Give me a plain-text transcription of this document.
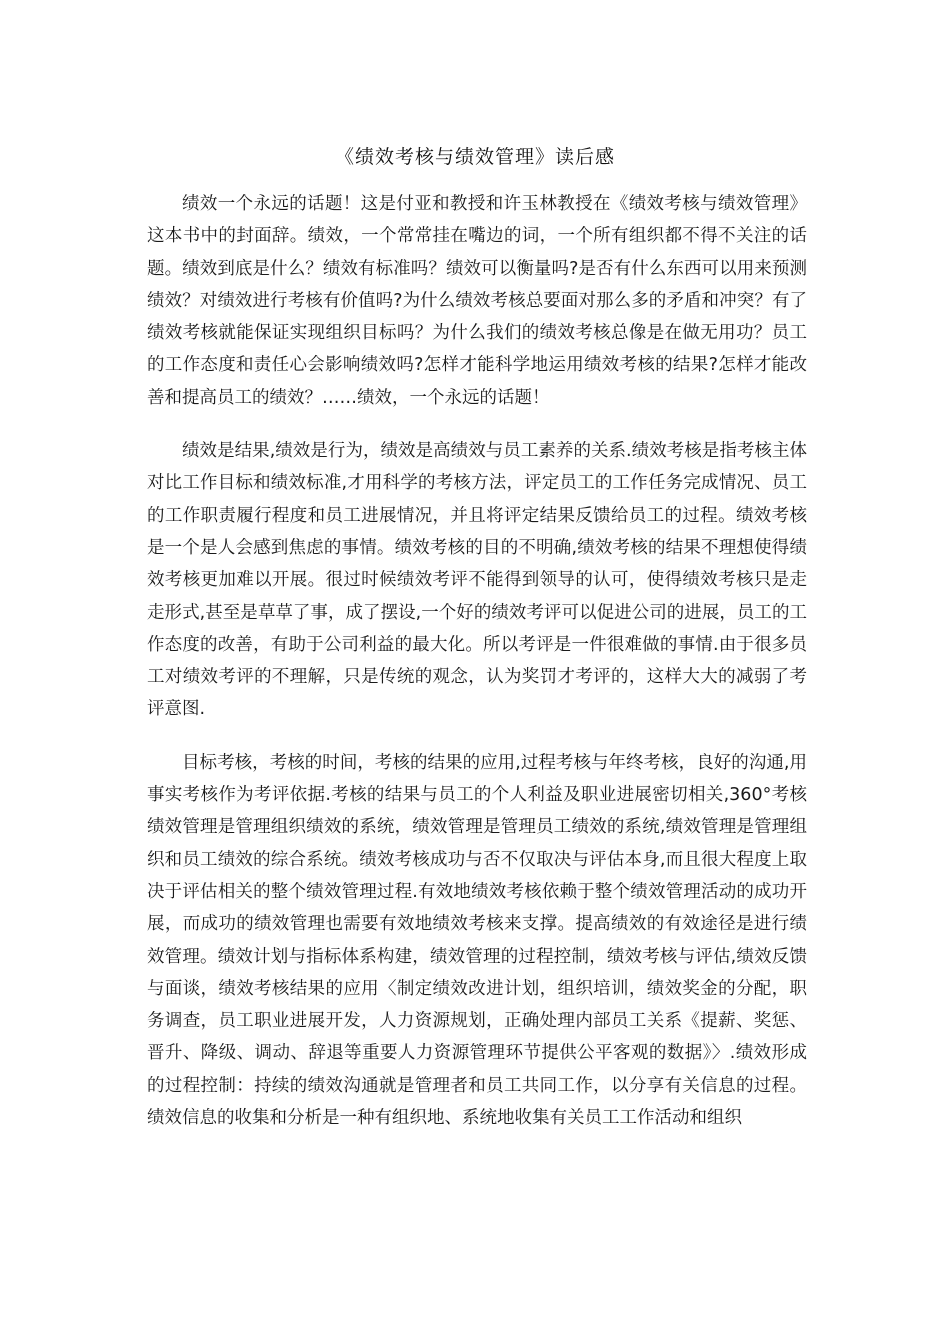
《绩效考核与绩效管理》读后感

绩效一个永远的话题！这是付亚和教授和许玉林教授在《绩效考核与绩效管理》这本书中的封面辞。绩效，一个常常挂在嘴边的词，一个所有组织都不得不关注的话题。绩效到底是什么？绩效有标准吗？绩效可以衡量吗?是否有什么东西可以用来预测绩效？对绩效进行考核有价值吗?为什么绩效考核总要面对那么多的矛盾和冲突？有了绩效考核就能保证实现组织目标吗？为什么我们的绩效考核总像是在做无用功？员工的工作态度和责任心会影响绩效吗?怎样才能科学地运用绩效考核的结果?怎样才能改善和提高员工的绩效？……绩效，一个永远的话题！

绩效是结果,绩效是行为，绩效是高绩效与员工素养的关系.绩效考核是指考核主体对比工作目标和绩效标准,才用科学的考核方法，评定员工的工作任务完成情况、员工的工作职责履行程度和员工进展情况，并且将评定结果反馈给员工的过程。绩效考核是一个是人会感到焦虑的事情。绩效考核的目的不明确,绩效考核的结果不理想使得绩效考核更加难以开展。很过时候绩效考评不能得到领导的认可，使得绩效考核只是走走形式,甚至是草草了事，成了摆设,一个好的绩效考评可以促进公司的进展，员工的工作态度的改善，有助于公司利益的最大化。所以考评是一件很难做的事情.由于很多员工对绩效考评的不理解，只是传统的观念，认为奖罚才考评的，这样大大的减弱了考评意图.

目标考核，考核的时间，考核的结果的应用,过程考核与年终考核，良好的沟通,用事实考核作为考评依据.考核的结果与员工的个人利益及职业进展密切相关,360°考核绩效管理是管理组织绩效的系统，绩效管理是管理员工绩效的系统,绩效管理是管理组织和员工绩效的综合系统。绩效考核成功与否不仅取决与评估本身,而且很大程度上取决于评估相关的整个绩效管理过程.有效地绩效考核依赖于整个绩效管理活动的成功开展，而成功的绩效管理也需要有效地绩效考核来支撑。提高绩效的有效途径是进行绩效管理。绩效计划与指标体系构建，绩效管理的过程控制，绩效考核与评估,绩效反馈与面谈，绩效考核结果的应用〈制定绩效改进计划，组织培训，绩效奖金的分配，职务调查，员工职业进展开发，人力资源规划，正确处理内部员工关系《提薪、奖惩、晋升、降级、调动、辞退等重要人力资源管理环节提供公平客观的数据》〉.绩效形成的过程控制：持续的绩效沟通就是管理者和员工共同工作，以分享有关信息的过程。绩效信息的收集和分析是一种有组织地、系统地收集有关员工工作活动和组织
